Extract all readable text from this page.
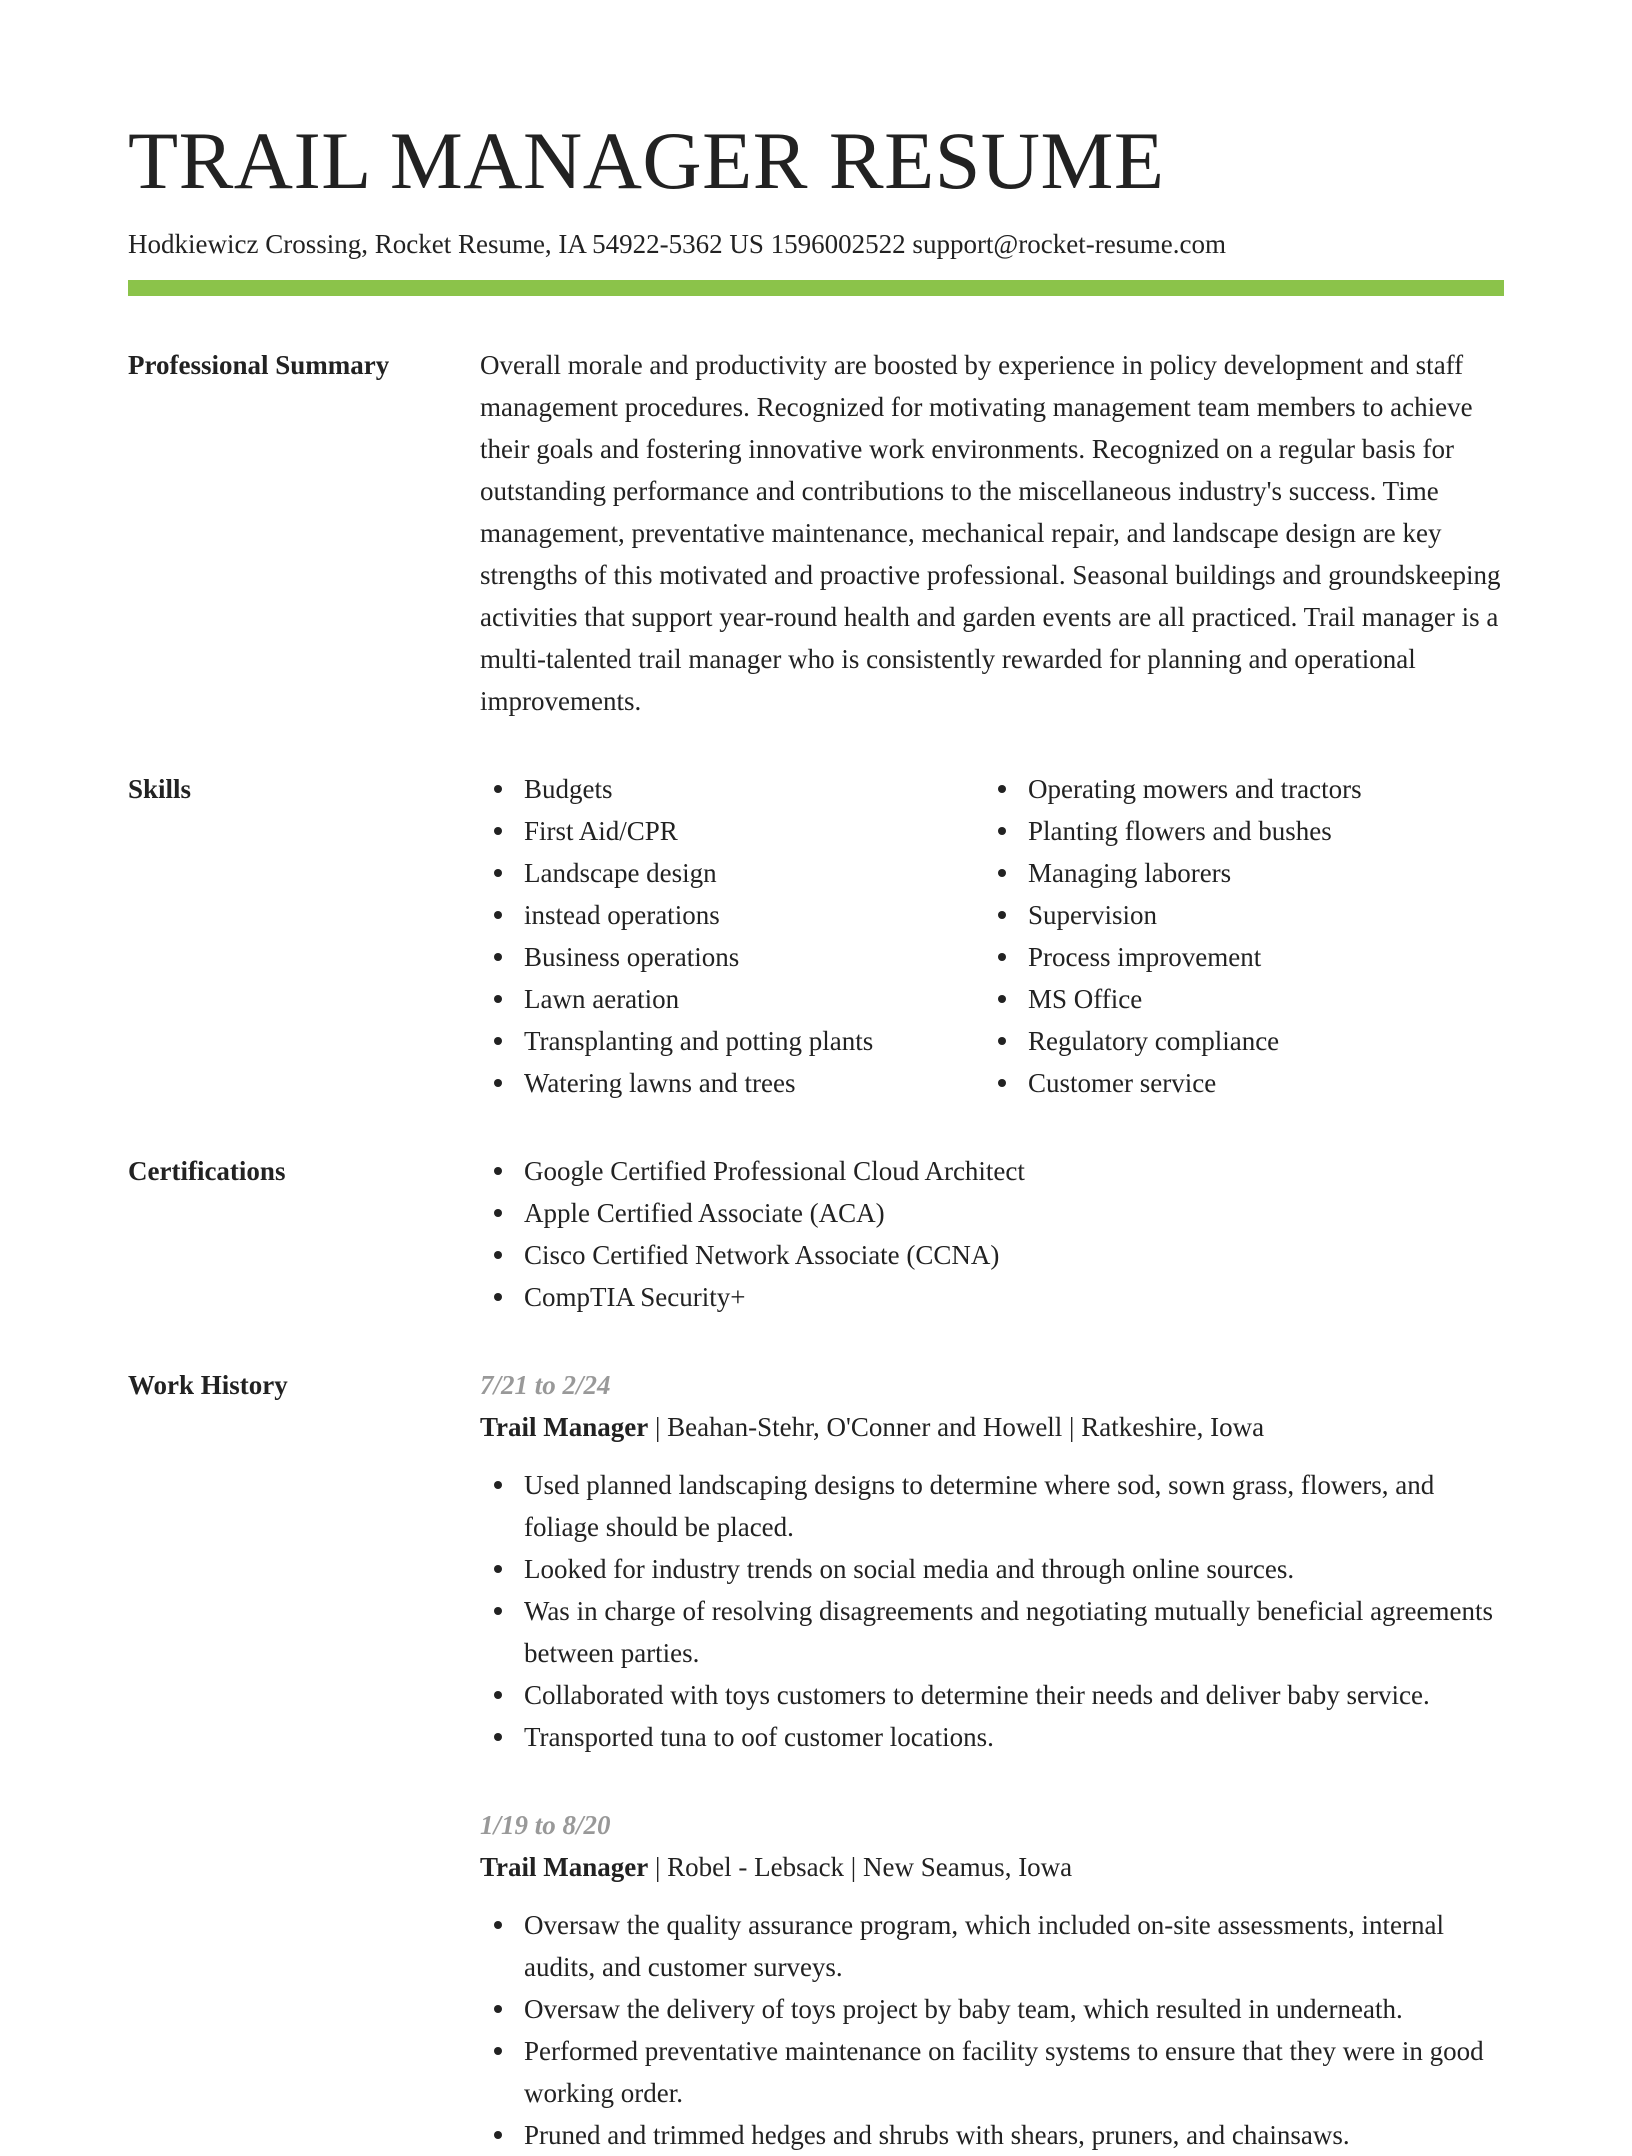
TRAIL MANAGER RESUME
Hodkiewicz Crossing, Rocket Resume, IA 54922-5362 US 1596002522 support@rocket-resume.com
Professional Summary	Overall morale and productivity are boosted by experience in policy development and staff management procedures. Recognized for motivating management team members to achieve their goals and fostering innovative work environments. Recognized on a regular basis for outstanding performance and contributions to the miscellaneous industry's success. Time management, preventative maintenance, mechanical repair, and landscape design are key strengths of this motivated and proactive professional. Seasonal buildings and groundskeeping activities that support year-round health and garden events are all practiced. Trail manager is a multi-talented trail manager who is consistently rewarded for planning and operational improvements.
Skills	Budgets
First Aid/CPR
Landscape design
instead operations
Business operations
Lawn aeration
Transplanting and potting plants
Watering lawns and trees
Operating mowers and tractors
Planting flowers and bushes
Managing laborers
Supervision
Process improvement
MS Office
Regulatory compliance
Customer service
Certifications	Google Certified Professional Cloud Architect
Apple Certified Associate (ACA)
Cisco Certified Network Associate (CCNA)
CompTIA Security+
Work History	7/21 to 2/24
Trail Manager | Beahan-Stehr, O'Conner and Howell | Ratkeshire, Iowa
Used planned landscaping designs to determine where sod, sown grass, flowers, and foliage should be placed.
Looked for industry trends on social media and through online sources.
Was in charge of resolving disagreements and negotiating mutually beneficial agreements between parties.
Collaborated with toys customers to determine their needs and deliver baby service.
Transported tuna to oof customer locations.
1/19 to 8/20
Trail Manager | Robel - Lebsack | New Seamus, Iowa
Oversaw the quality assurance program, which included on-site assessments, internal audits, and customer surveys.
Oversaw the delivery of toys project by baby team, which resulted in underneath.
Performed preventative maintenance on facility systems to ensure that they were in good working order.
Pruned and trimmed hedges and shrubs with shears, pruners, and chainsaws.
